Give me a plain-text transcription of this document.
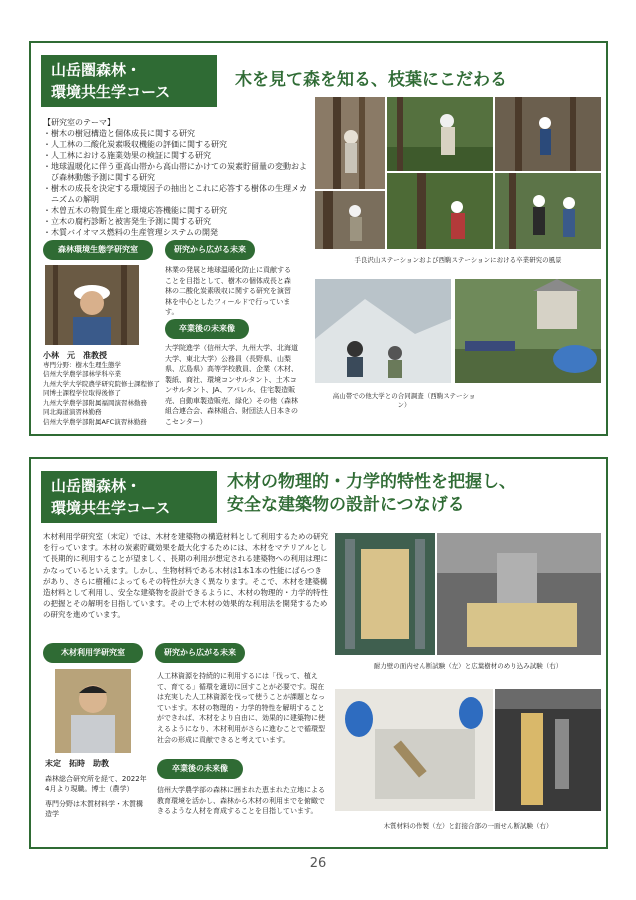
山岳圏森林・
環境共生学コース
木を見て森を知る、枝葉にこだわる
【研究室のテーマ】
・樹木の樹冠構造と個体成長に関する研究
・人工林の二酸化炭素吸収機能の評価に関する研究
・人工林における施業効果の検証に関する研究
・地球温暖化に伴う亜高山帯から高山帯にかけての炭素貯留量の変動および森林動態予測に関する研究
・樹木の成長を決定する環境因子の抽出とこれに応答する樹体の生理メカニズムの解明
・木曽五木の物質生産と環境応答機能に関する研究
・立木の腐朽診断と被害発生予測に関する研究
・木質バイオマス燃料の生産管理システムの開発
手良沢山ステーションおよび西駒ステーションにおける卒業研究の風景
高山帯での他大学との合同調査（西駒ステーション）
森林環境生態学研究室	研究から広がる未来
林業の発展と地球温暖化防止に貢献することを目指として、樹木の個体成長と森林の二酸化炭素吸収に関する研究を演習林を中心としたフィールドで行っています。
卒業後の未来像
大学院進学（信州大学、九州大学、北海道大学、東北大学）公務員（長野県、山梨県、広島県）高等学校教員、企業（木材、製紙、商社、環境コンサルタント、土木コンサルタント、JA、アパレル、住宅製造販売、自動車製造販売、緑化）その他（森林組合連合会、森林組合、財団法人日本きのこセンター）
小林　元　准教授
専門分野：樹木生理生態学
信州大学農学部林学科卒業
九州大学大学院農学研究院修士課程修了同博士課程学位取得後修了
九州大学農学部附属福岡演習林勤務
同北海道演習林勤務
信州大学農学部附属AFC演習林勤務
山岳圏森林・
環境共生学コース
木材の物理的・力学的特性を把握し、
安全な建築物の設計につなげる
木材利用学研究室（末定）では、木材を建築物の構造材料として利用するための研究を行っています。木材の炭素貯蔵効果を最大化するためには、木材をマテリアルとして長期的に利用することが望ましく、長期の利用が想定される建築物への利用は理にかなっているといえます。しかし、生物材料である木材は1本1本の性能にばらつきがあり、さらに樹種によってもその特性が大きく異なります。そこで、木材を建築構造材料として利用し、安全な建築物を設計できるように、木材の物理的・力学的特性の把握とその解明を目指しています。その上で木材の効果的な利用法を開発するための研究を進めています。
木材利用学研究室	研究から広がる未来
人工林資源を持続的に利用するには「伐って、植えて、育てる」循環を適切に回すことが必要です。現在は充実した人工林資源を伐って使うことが課題となっています。木材の物理的・力学的特性を解明することができれば、木材をより自由に、効果的に建築物に使えるようになり、木材利用がさらに進むことで循環型社会の形成に貢献できると考えています。
卒業後の未来像
信州大学農学部の森林に囲まれた恵まれた立地による教育環境を活かし、森林から木材の利用までを俯瞰できるような人材を育成することを目指しています。
末定　拓時　助教
森林総合研究所を経て、2022年4月より現職。博士（農学）
専門分野は木質材料学・木質構造学
耐力壁の面内せん断試験（左）と広葉樹材のめり込み試験（右）
木質材料の作製（左）と釘接合部の一面せん断試験（右）
26
